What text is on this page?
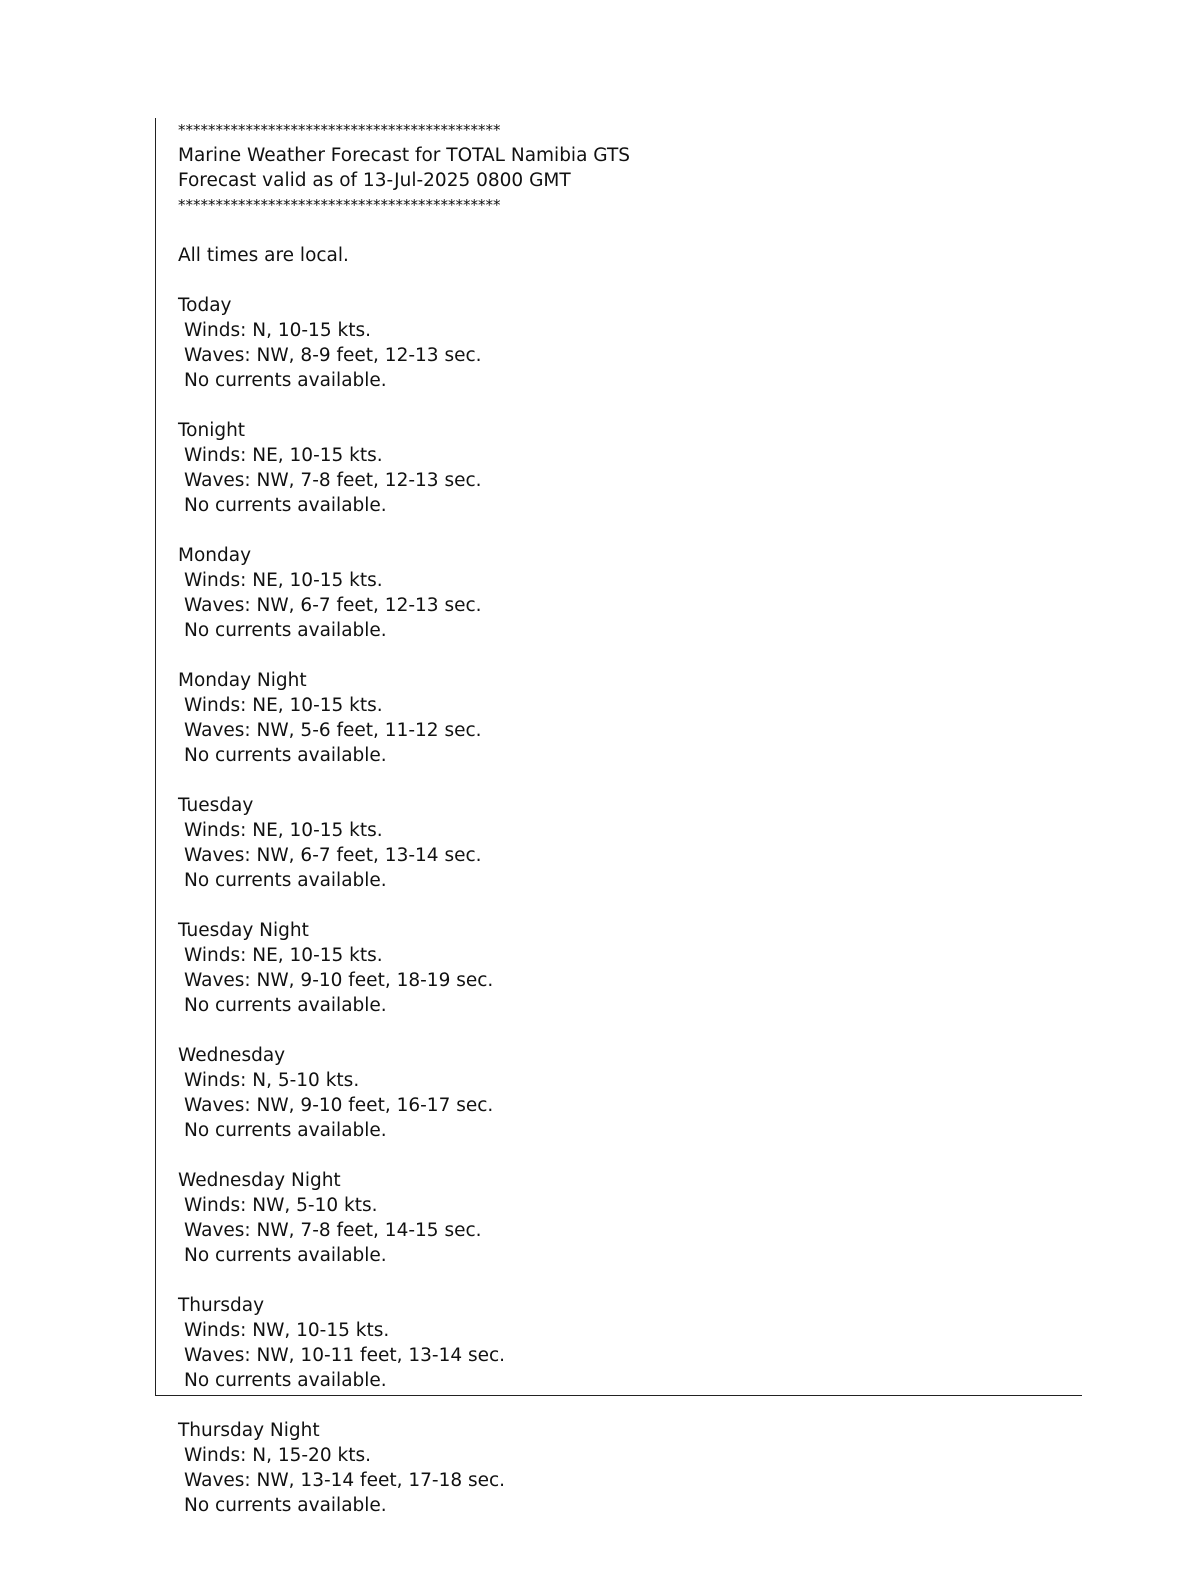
*******************************************
Marine Weather Forecast for TOTAL Namibia GTS
Forecast valid as of 13-Jul-2025 0800 GMT
*******************************************
All times are local.
Today
Winds: N, 10-15 kts.
Waves: NW, 8-9 feet, 12-13 sec.
No currents available.
Tonight
Winds: NE, 10-15 kts.
Waves: NW, 7-8 feet, 12-13 sec.
No currents available.
Monday
Winds: NE, 10-15 kts.
Waves: NW, 6-7 feet, 12-13 sec.
No currents available.
Monday Night
Winds: NE, 10-15 kts.
Waves: NW, 5-6 feet, 11-12 sec.
No currents available.
Tuesday
Winds: NE, 10-15 kts.
Waves: NW, 6-7 feet, 13-14 sec.
No currents available.
Tuesday Night
Winds: NE, 10-15 kts.
Waves: NW, 9-10 feet, 18-19 sec.
No currents available.
Wednesday
Winds: N, 5-10 kts.
Waves: NW, 9-10 feet, 16-17 sec.
No currents available.
Wednesday Night
Winds: NW, 5-10 kts.
Waves: NW, 7-8 feet, 14-15 sec.
No currents available.
Thursday
Winds: NW, 10-15 kts.
Waves: NW, 10-11 feet, 13-14 sec.
No currents available.
Thursday Night
Winds: N, 15-20 kts.
Waves: NW, 13-14 feet, 17-18 sec.
No currents available.
